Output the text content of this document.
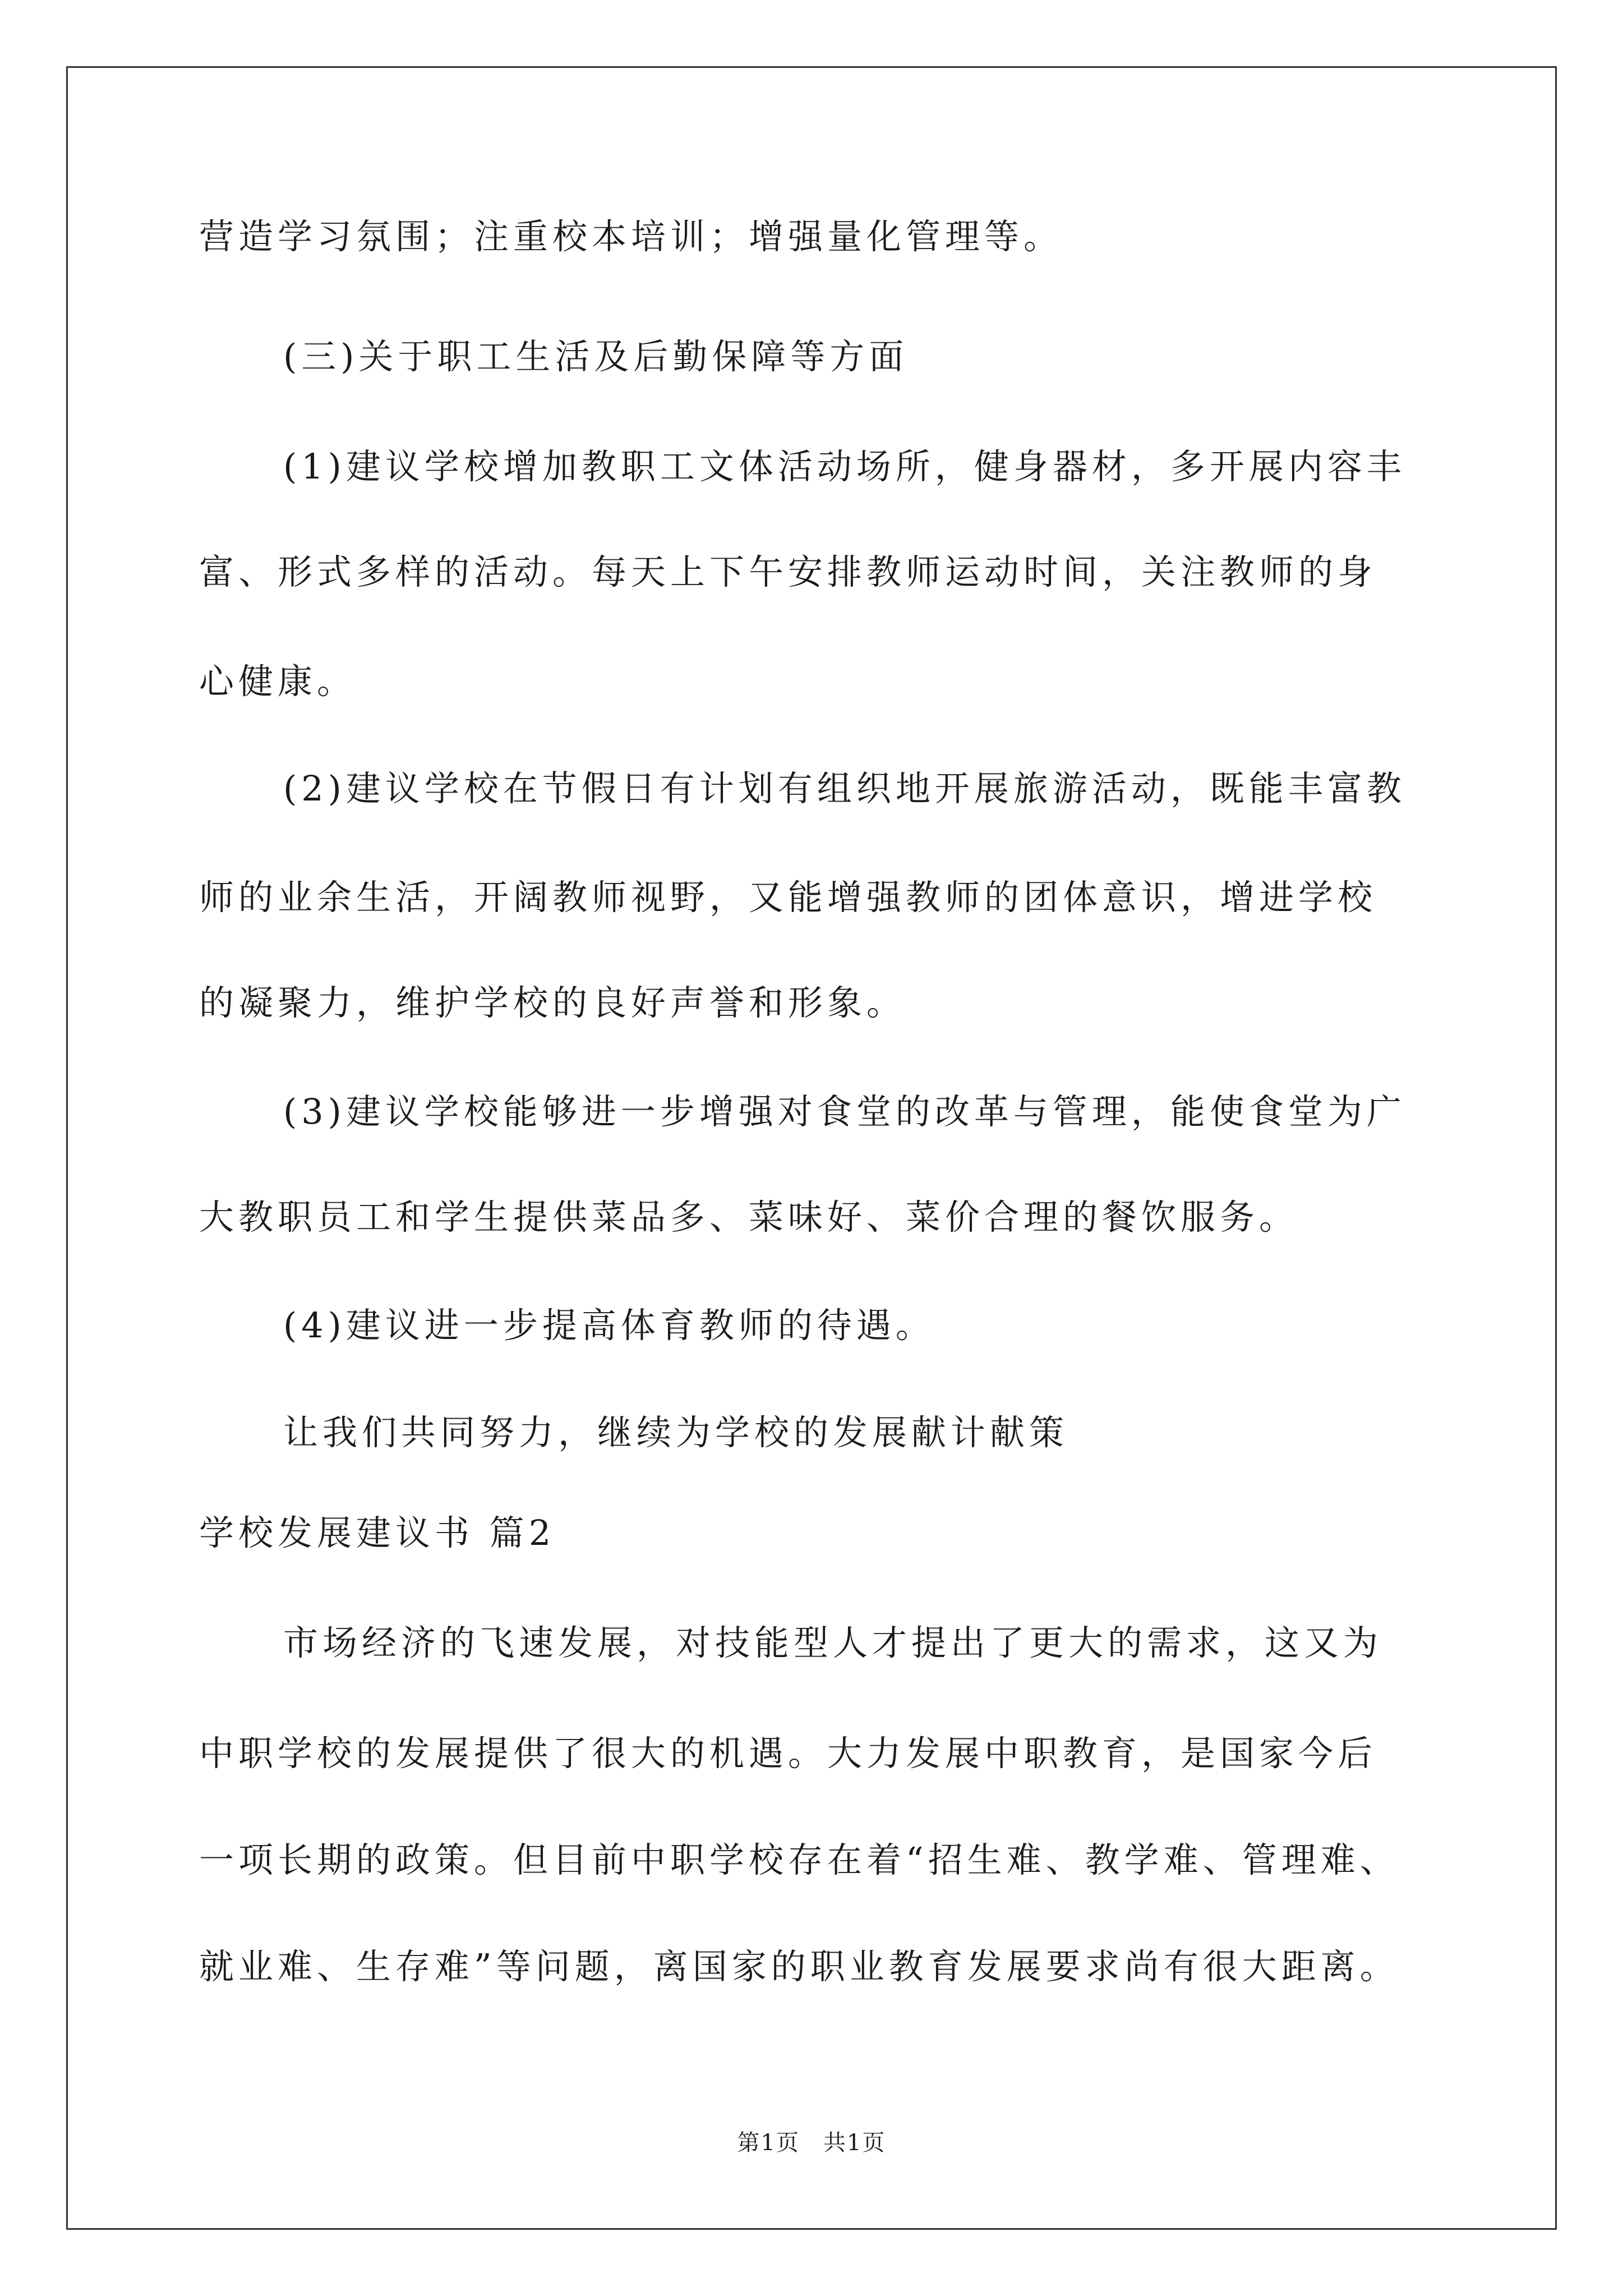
营造学习氛围；注重校本培训；增强量化管理等。
(三)关于职工生活及后勤保障等方面
(1)建议学校增加教职工文体活动场所，健身器材，多开展内容丰
富、形式多样的活动。每天上下午安排教师运动时间，关注教师的身
心健康。
(2)建议学校在节假日有计划有组织地开展旅游活动，既能丰富教
师的业余生活，开阔教师视野，又能增强教师的团体意识，增进学校
的凝聚力，维护学校的良好声誉和形象。
(3)建议学校能够进一步增强对食堂的改革与管理，能使食堂为广
大教职员工和学生提供菜品多、菜味好、菜价合理的餐饮服务。
(4)建议进一步提高体育教师的待遇。
让我们共同努力，继续为学校的发展献计献策
学校发展建议书 篇2
市场经济的飞速发展，对技能型人才提出了更大的需求，这又为
中职学校的发展提供了很大的机遇。大力发展中职教育，是国家今后
一项长期的政策。但目前中职学校存在着“招生难、教学难、管理难、
就业难、生存难”等问题，离国家的职业教育发展要求尚有很大距离。
第1页　共1页
